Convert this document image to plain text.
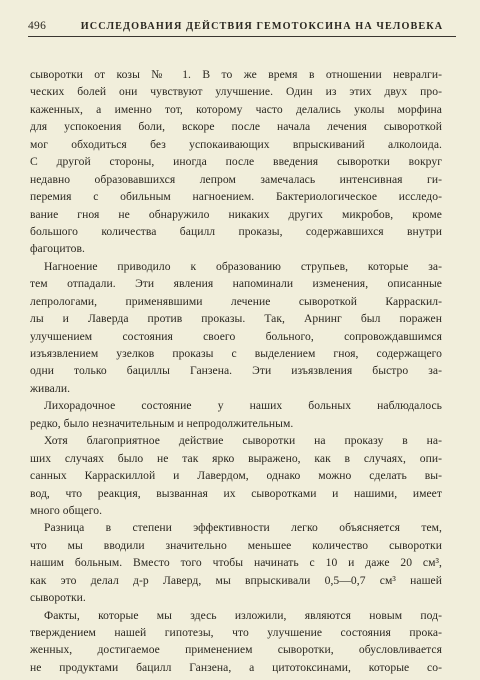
496	ИССЛЕДОВАНИЯ ДЕЙСТВИЯ ГЕМОТОКСИНА НА ЧЕЛОВЕКА
сыворотки от козы № 1. В то же время в отношении невралги-
ческих болей они чувствуют улучшение. Один из этих двух про-
каженных, а именно тот, которому часто делались уколы морфина
для успокоения боли, вскоре после начала лечения сывороткой
мог обходиться без успокаивающих впрыскиваний алколоида.
С другой стороны, иногда после введения сыворотки вокруг
недавно образовавшихся лепром замечалась интенсивная ги-
перемия с обильным нагноением. Бактериологическое исследо-
вание гноя не обнаружило никаких других микробов, кроме
большого количества бацилл проказы, содержавшихся внутри
фагоцитов.
Нагноение приводило к образованию струпьев, которые за-
тем отпадали. Эти явления напоминали изменения, описанные
лепрологами, применявшими лечение сывороткой Карраскил-
лы и Лаверда против проказы. Так, Арнинг был поражен
улучшением состояния своего больного, сопровождавшимся
изъязвлением узелков проказы с выделением гноя, содержащего
одни только бациллы Ганзена. Эти изъязвления быстро за-
живали.
Лихорадочное состояние у наших больных наблюдалось
редко, было незначительным и непродолжительным.
Хотя благоприятное действие сыворотки на проказу в на-
ших случаях было не так ярко выражено, как в случаях, опи-
санных Карраскиллой и Лавердом, однако можно сделать вы-
вод, что реакция, вызванная их сыворотками и нашими, имеет
много общего.
Разница в степени эффективности легко объясняется тем,
что мы вводили значительно меньшее количество сыворотки
нашим больным. Вместо того чтобы начинать с 10 и даже 20 см³,
как это делал д-р Лаверд, мы впрыскивали 0,5—0,7 см³ нашей
сыворотки.
Факты, которые мы здесь изложили, являются новым под-
тверждением нашей гипотезы, что улучшение состояния прока-
женных, достигаемое применением сыворотки, обусловливается
не продуктами бацилл Ганзена, а цитотоксинами, которые со-
